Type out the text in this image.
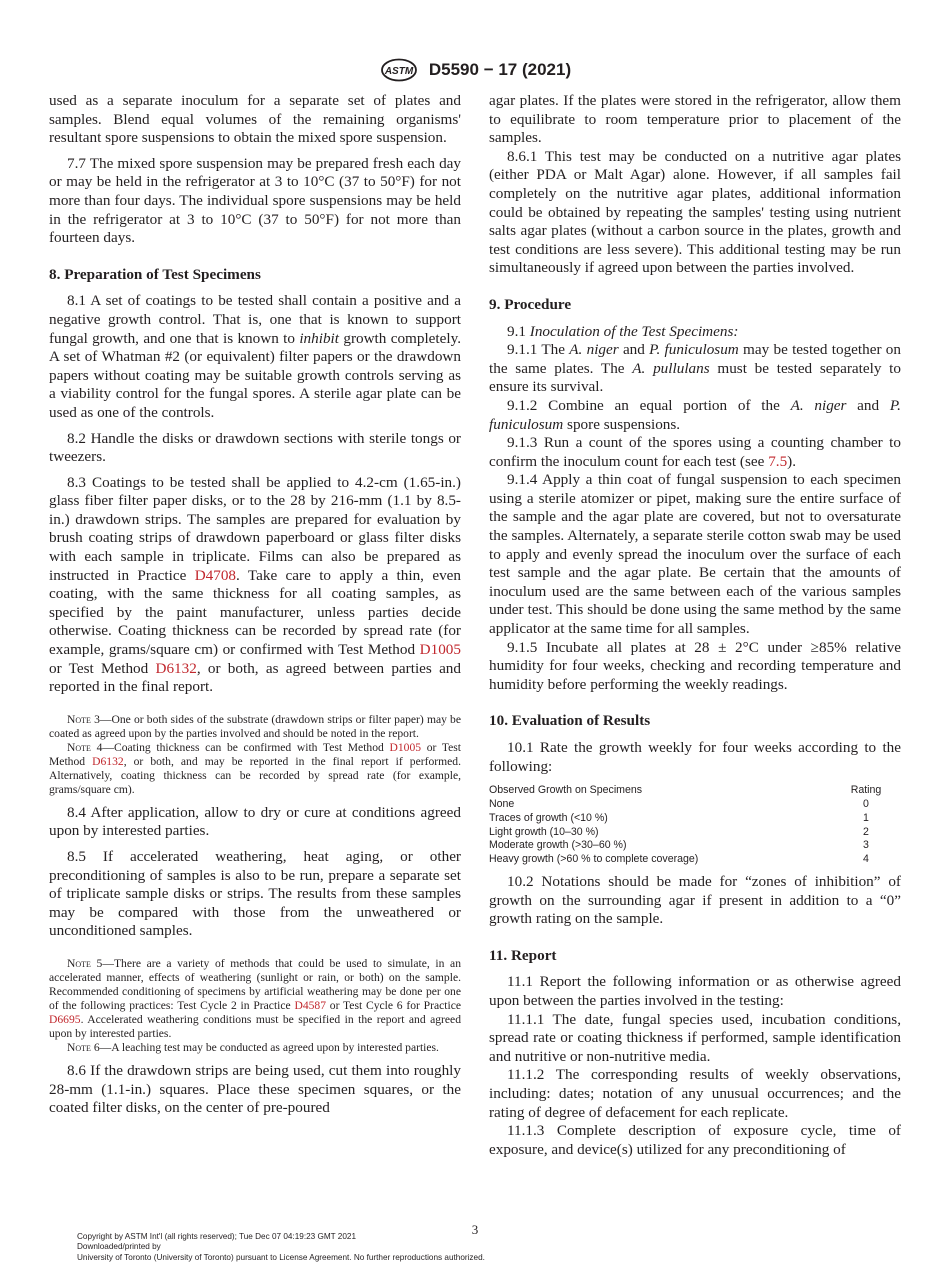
ASTM D5590 − 17 (2021)

used as a separate inoculum for a separate set of plates and samples. Blend equal volumes of the remaining organisms' resultant spore suspensions to obtain the mixed spore suspension.

7.7 The mixed spore suspension may be prepared fresh each day or may be held in the refrigerator at 3 to 10°C (37 to 50°F) for not more than four days. The individual spore suspensions may be held in the refrigerator at 3 to 10°C (37 to 50°F) for not more than fourteen days.

8. Preparation of Test Specimens

8.1 A set of coatings to be tested shall contain a positive and a negative growth control. That is, one that is known to support fungal growth, and one that is known to inhibit growth completely. A set of Whatman #2 (or equivalent) filter papers or the drawdown papers without coating may be suitable growth controls serving as a viability control for the fungal spores. A sterile agar plate can be used as one of the controls.

8.2 Handle the disks or drawdown sections with sterile tongs or tweezers.

8.3 Coatings to be tested shall be applied to 4.2-cm (1.65-in.) glass fiber filter paper disks, or to the 28 by 216-mm (1.1 by 8.5-in.) drawdown strips. The samples are prepared for evaluation by brush coating strips of drawdown paperboard or glass filter disks with each sample in triplicate. Films can also be prepared as instructed in Practice D4708. Take care to apply a thin, even coating, with the same thickness for all coating samples, as specified by the paint manufacturer, unless parties decide otherwise. Coating thickness can be recorded by spread rate (for example, grams/square cm) or confirmed with Test Method D1005 or Test Method D6132, or both, as agreed between parties and reported in the final report.

Note 3—One or both sides of the substrate (drawdown strips or filter paper) may be coated as agreed upon by the parties involved and should be noted in the report.

Note 4—Coating thickness can be confirmed with Test Method D1005 or Test Method D6132, or both, and may be reported in the final report if performed. Alternatively, coating thickness can be recorded by spread rate (for example, grams/square cm).

8.4 After application, allow to dry or cure at conditions agreed upon by interested parties.

8.5 If accelerated weathering, heat aging, or other preconditioning of samples is also to be run, prepare a separate set of triplicate sample disks or strips. The results from these samples may be compared with those from the unweathered or unconditioned samples.

Note 5—There are a variety of methods that could be used to simulate, in an accelerated manner, effects of weathering (sunlight or rain, or both) on the sample. Recommended conditioning of specimens by artificial weathering may be done per one of the following practices: Test Cycle 2 in Practice D4587 or Test Cycle 6 for Practice D6695. Accelerated weathering conditions must be specified in the report and agreed upon by interested parties.

Note 6—A leaching test may be conducted as agreed upon by interested parties.

8.6 If the drawdown strips are being used, cut them into roughly 28-mm (1.1-in.) squares. Place these specimen squares, or the coated filter disks, on the center of pre-poured

agar plates. If the plates were stored in the refrigerator, allow them to equilibrate to room temperature prior to placement of the samples.

8.6.1 This test may be conducted on a nutritive agar plates (either PDA or Malt Agar) alone. However, if all samples fail completely on the nutritive agar plates, additional information could be obtained by repeating the samples' testing using nutrient salts agar plates (without a carbon source in the plates, growth and test conditions are less severe). This additional testing may be run simultaneously if agreed upon between the parties involved.

9. Procedure

9.1 Inoculation of the Test Specimens:

9.1.1 The A. niger and P. funiculosum may be tested together on the same plates. The A. pullulans must be tested separately to ensure its survival.

9.1.2 Combine an equal portion of the A. niger and P. funiculosum spore suspensions.

9.1.3 Run a count of the spores using a counting chamber to confirm the inoculum count for each test (see 7.5).

9.1.4 Apply a thin coat of fungal suspension to each specimen using a sterile atomizer or pipet, making sure the entire surface of the sample and the agar plate are covered, but not to oversaturate the samples. Alternately, a separate sterile cotton swab may be used to apply and evenly spread the inoculum over the surface of each test sample and the agar plate. Be certain that the amounts of inoculum used are the same between each of the various samples under test. This should be done using the same method by the same applicator at the same time for all samples.

9.1.5 Incubate all plates at 28 ± 2°C under ≥85% relative humidity for four weeks, checking and recording temperature and humidity before performing the weekly readings.

10. Evaluation of Results

10.1 Rate the growth weekly for four weeks according to the following:

Observed Growth on Specimens	Rating
None	0
Traces of growth (<10 %)	1
Light growth (10–30 %)	2
Moderate growth (>30–60 %)	3
Heavy growth (>60 % to complete coverage)	4

10.2 Notations should be made for “zones of inhibition” of growth on the surrounding agar if present in addition to a “0” growth rating on the sample.

11. Report

11.1 Report the following information or as otherwise agreed upon between the parties involved in the testing:

11.1.1 The date, fungal species used, incubation conditions, spread rate or coating thickness if performed, sample identification and nutritive or non-nutritive media.

11.1.2 The corresponding results of weekly observations, including: dates; notation of any unusual occurrences; and the rating of degree of defacement for each replicate.

11.1.3 Complete description of exposure cycle, time of exposure, and device(s) utilized for any preconditioning of

3
Copyright by ASTM Int'l (all rights reserved); Tue Dec 07 04:19:23 GMT 2021
Downloaded/printed by
University of Toronto (University of Toronto) pursuant to License Agreement. No further reproductions authorized.
